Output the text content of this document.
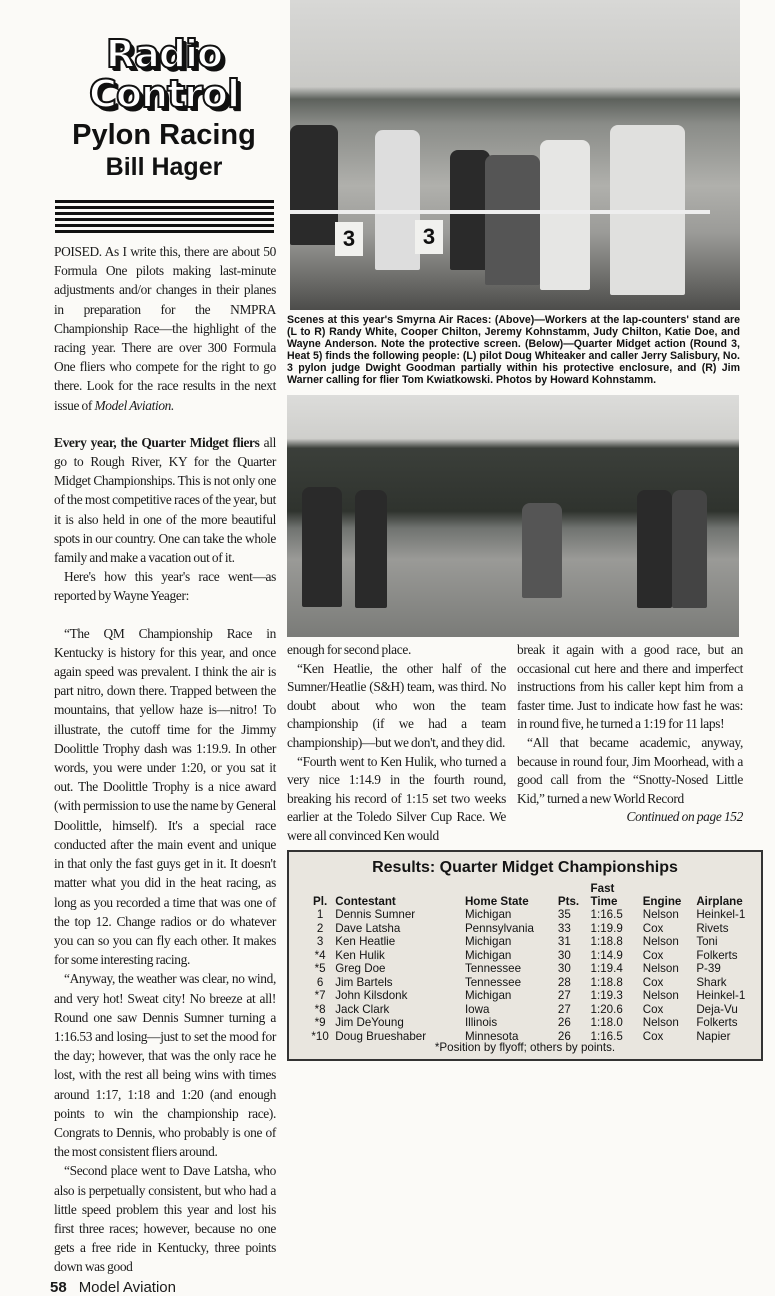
Radio Control
Pylon Racing
Bill Hager

POISED. As I write this, there are about 50 Formula One pilots making last-minute adjustments and/or changes in their planes in preparation for the NMPRA Championship Race—the highlight of the racing year. There are over 300 Formula One fliers who compete for the right to go there. Look for the race results in the next issue of Model Aviation.

Every year, the Quarter Midget fliers all go to Rough River, KY for the Quarter Midget Championships. This is not only one of the most competitive races of the year, but it is also held in one of the more beautiful spots in our country. One can take the whole family and make a vacation out of it.

Here's how this year's race went—as reported by Wayne Yeager:

“The QM Championship Race in Kentucky is history for this year, and once again speed was prevalent. I think the air is part nitro, down there. Trapped between the mountains, that yellow haze is—nitro! To illustrate, the cutoff time for the Jimmy Doolittle Trophy dash was 1:19.9. In other words, you were under 1:20, or you sat it out. The Doolittle Trophy is a nice award (with permission to use the name by General Doolittle, himself). It's a special race conducted after the main event and unique in that only the fast guys get in it. It doesn't matter what you did in the heat racing, as long as you recorded a time that was one of the top 12. Change radios or do whatever you can so you can fly each other. It makes for some interesting racing.

“Anyway, the weather was clear, no wind, and very hot! Sweat city! No breeze at all! Round one saw Dennis Sumner turning a 1:16.53 and losing—just to set the mood for the day; however, that was the only race he lost, with the rest all being wins with times around 1:17, 1:18 and 1:20 (and enough points to win the championship race). Congrats to Dennis, who probably is one of the most consistent fliers around.

“Second place went to Dave Latsha, who also is perpetually consistent, but who had a little speed problem this year and lost his first three races; however, because no one gets a free ride in Kentucky, three points down was good

3	3
Scenes at this year's Smyrna Air Races: (Above)—Workers at the lap-counters' stand are (L to R) Randy White, Cooper Chilton, Jeremy Kohnstamm, Judy Chilton, Katie Doe, and Wayne Anderson. Note the protective screen. (Below)—Quarter Midget action (Round 3, Heat 5) finds the following people: (L) pilot Doug Whiteaker and caller Jerry Salisbury, No. 3 pylon judge Dwight Goodman partially within his protective enclosure, and (R) Jim Warner calling for flier Tom Kwiatkowski. Photos by Howard Kohnstamm.

enough for second place.

“Ken Heatlie, the other half of the Sumner/Heatlie (S&H) team, was third. No doubt about who won the team championship (if we had a team championship)—but we don't, and they did.

“Fourth went to Ken Hulik, who turned a very nice 1:14.9 in the fourth round, breaking his record of 1:15 set two weeks earlier at the Toledo Silver Cup Race. We were all convinced Ken would

break it again with a good race, but an occasional cut here and there and imperfect instructions from his caller kept him from a faster time. Just to indicate how fast he was: in round five, he turned a 1:19 for 11 laps!

“All that became academic, anyway, because in round four, Jim Moorhead, with a good call from the “Snotty-Nosed Little Kid,” turned a new World Record

Continued on page 152

Results: Quarter Midget Championships
Pl.	Contestant	Home State	Pts.	Fast Time	Engine	Airplane
1	Dennis Sumner	Michigan	35	1:16.5	Nelson	Heinkel-1
2	Dave Latsha	Pennsylvania	33	1:19.9	Cox	Rivets
3	Ken Heatlie	Michigan	31	1:18.8	Nelson	Toni
*4	Ken Hulik	Michigan	30	1:14.9	Cox	Folkerts
*5	Greg Doe	Tennessee	30	1:19.4	Nelson	P-39
6	Jim Bartels	Tennessee	28	1:18.8	Cox	Shark
*7	John Kilsdonk	Michigan	27	1:19.3	Nelson	Heinkel-1
*8	Jack Clark	Iowa	27	1:20.6	Cox	Deja-Vu
*9	Jim DeYoung	Illinois	26	1:18.0	Nelson	Folkerts
*10	Doug Brueshaber	Minnesota	26	1:16.5	Cox	Napier
*Position by flyoff; others by points.
58 Model Aviation
